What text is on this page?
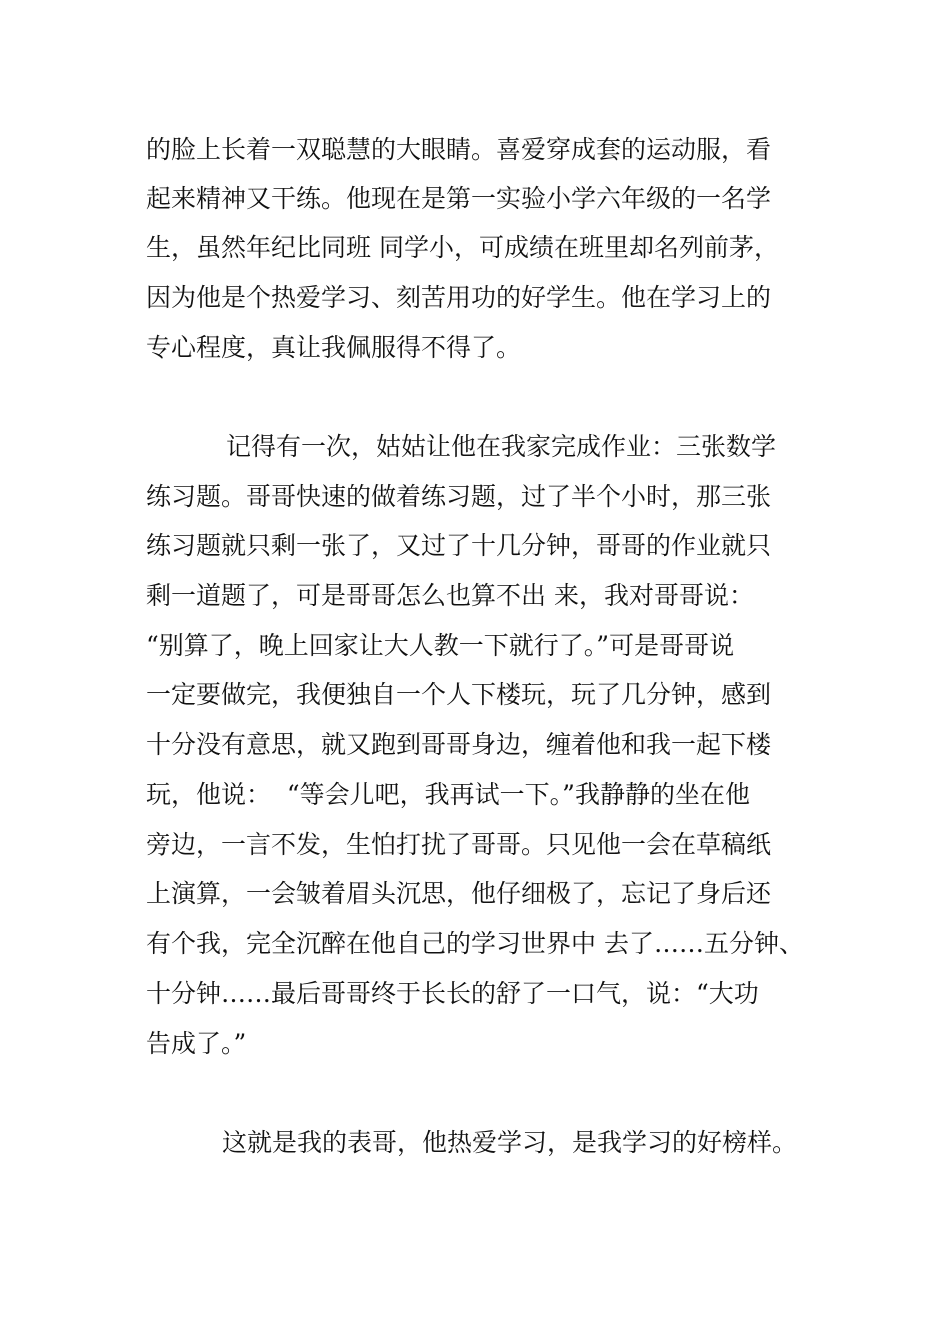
的脸上长着一双聪慧的大眼睛。喜爱穿成套的运动服，看
起来精神又干练。他现在是第一实验小学六年级的一名学
生，虽然年纪比同班 同学小，可成绩在班里却名列前茅，
因为他是个热爱学习、刻苦用功的好学生。他在学习上的
专心程度，真让我佩服得不得了。
记得有一次，姑姑让他在我家完成作业：三张数学
练习题。哥哥快速的做着练习题，过了半个小时，那三张
练习题就只剩一张了，又过了十几分钟，哥哥的作业就只
剩一道题了，可是哥哥怎么也算不出 来，我对哥哥说：
“别算了，晚上回家让大人教一下就行了。”可是哥哥说
一定要做完，我便独自一个人下楼玩，玩了几分钟，感到
十分没有意思，就又跑到哥哥身边，缠着他和我一起下楼
玩，他说：  “等会儿吧，我再试一下。”我静静的坐在他
旁边，一言不发，生怕打扰了哥哥。只见他一会在草稿纸
上演算，一会皱着眉头沉思，他仔细极了，忘记了身后还
有个我，完全沉醉在他自己的学习世界中 去了……五分钟、
十分钟……最后哥哥终于长长的舒了一口气，说：“大功
告成了。”
这就是我的表哥，他热爱学习，是我学习的好榜样。
